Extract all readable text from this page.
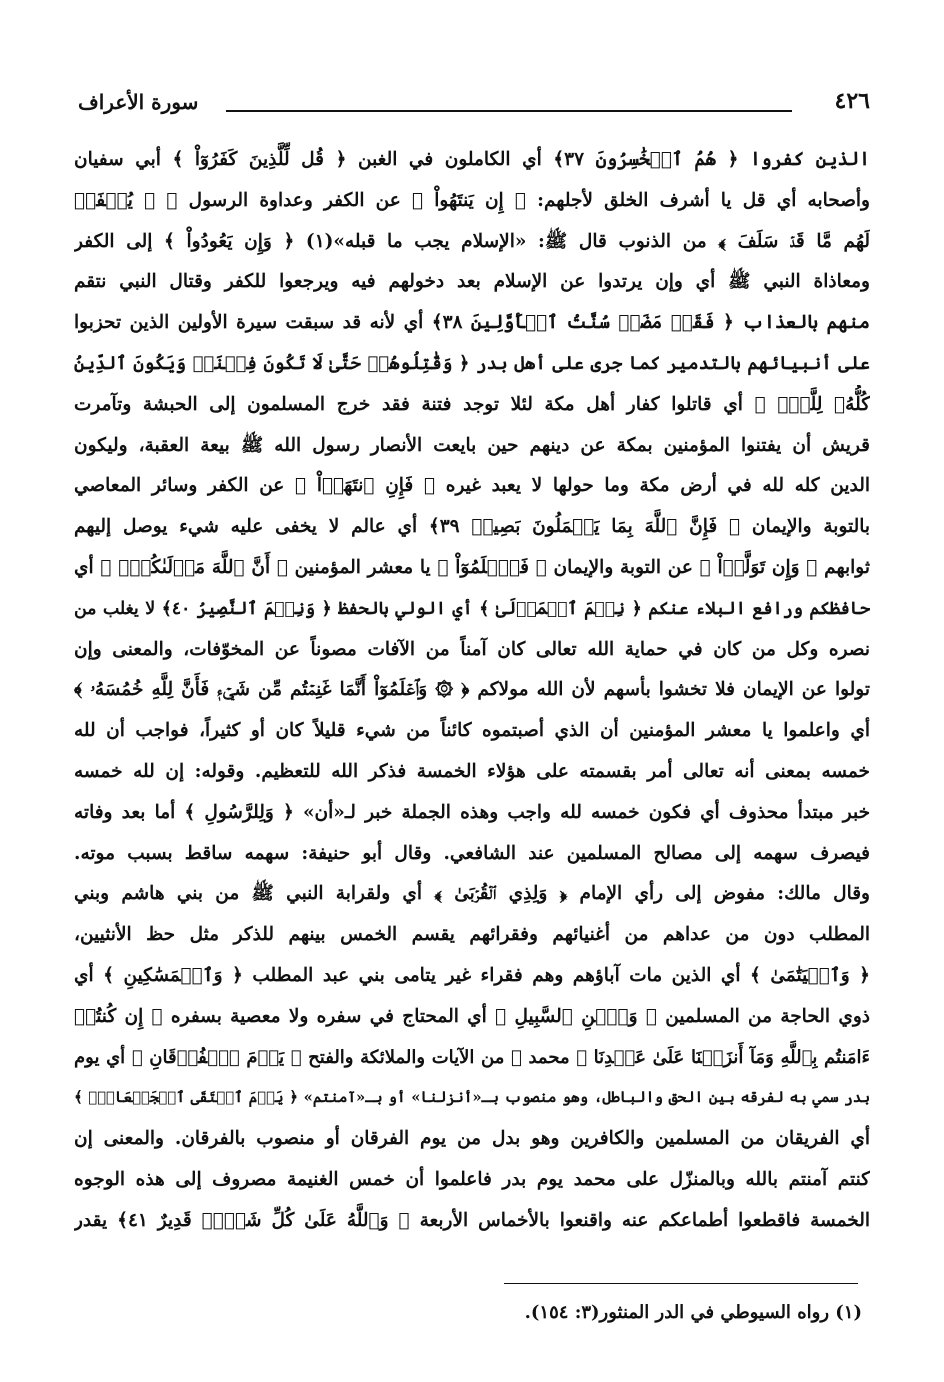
٤٢٦
سورة الأعراف
الذين كفروا ﴿ هُمُ ٱلۡخَٰسِرُونَ ٣٧﴾ أي الكاملون في الغبن ﴿ قُل لِّلَّذِينَ كَفَرُوٓاْ ﴾ أبي سفيان
وأصحابه أي قل يا أشرف الخلق لأجلهم: ﴿ إِن يَنتَهُواْ ﴾ عن الكفر وعداوة الرسول ﷺ ﴿ يُغۡفَرۡ
لَهُم مَّا قَدۡ سَلَفَ ﴾ من الذنوب قال ﷺ: «الإسلام يجب ما قبله»(١) ﴿ وَإِن يَعُودُواْ ﴾ إلى الكفر
ومعاذاة النبي ﷺ أي وإن يرتدوا عن الإسلام بعد دخولهم فيه ويرجعوا للكفر وقتال النبي نتقم
منهم بالعذاب ﴿ فَقَدۡ مَضَتۡ سُنَّتُ ٱلۡأَوَّلِينَ ٣٨﴾ أي لأنه قد سبقت سيرة الأولين الذين تحزبوا
على أنبيائهم بالتدمير كما جرى على أهل بدر ﴿ وَقَٰتِلُوهُمۡ حَتَّىٰ لَا تَكُونَ فِتۡنَةٞ وَيَكُونَ ٱلدِّينُ
كُلُّهُۥ لِلَّهِۚ ﴾ أي قاتلوا كفار أهل مكة لئلا توجد فتنة فقد خرج المسلمون إلى الحبشة وتآمرت
قريش أن يفتنوا المؤمنين بمكة عن دينهم حين بايعت الأنصار رسول الله ﷺ بيعة العقبة، وليكون
الدين كله لله في أرض مكة وما حولها لا يعبد غيره ﴿ فَإِنِ ٱنتَهَوۡاْ ﴾ عن الكفر وسائر المعاصي
بالتوبة والإيمان ﴿ فَإِنَّ ٱللَّهَ بِمَا يَعۡمَلُونَ بَصِيرٞ ٣٩﴾ أي عالم لا يخفى عليه شيء يوصل إليهم
ثوابهم ﴿ وَإِن تَوَلَّوۡاْ ﴾ عن التوبة والإيمان ﴿ فَٱعۡلَمُوٓاْ ﴾ يا معشر المؤمنين ﴿ أَنَّ ٱللَّهَ مَوۡلَىٰكُمۡۚ ﴾ أي
حافظكم ورافع البلاء عنكم ﴿ نِعۡمَ ٱلۡمَوۡلَىٰ ﴾ أي الولي بالحفظ ﴿ وَنِعۡمَ ٱلنَّصِيرُ ٤٠﴾ لا يغلب من
نصره وكل من كان في حماية الله تعالى كان آمناً من الآفات مصوناً عن المخوّفات، والمعنى وإن
تولوا عن الإيمان فلا تخشوا بأسهم لأن الله مولاكم ﴿ ۞ وَٱعۡلَمُوٓاْ أَنَّمَا غَنِمۡتُم مِّن شَيۡءٖ فَأَنَّ لِلَّهِ خُمُسَهُۥ ﴾
أي واعلموا يا معشر المؤمنين أن الذي أصبتموه كائناً من شيء قليلاً كان أو كثيراً، فواجب أن لله
خمسه بمعنى أنه تعالى أمر بقسمته على هؤلاء الخمسة فذكر الله للتعظيم. وقوله: إن لله خمسه
خبر مبتدأ محذوف أي فكون خمسه لله واجب وهذه الجملة خبر لـ«أن» ﴿ وَلِلرَّسُولِ ﴾ أما بعد وفاته
فيصرف سهمه إلى مصالح المسلمين عند الشافعي. وقال أبو حنيفة: سهمه ساقط بسبب موته.
وقال مالك: مفوض إلى رأي الإمام ﴿ وَلِذِي ٱلۡقُرۡبَىٰ ﴾ أي ولقرابة النبي ﷺ من بني هاشم وبني
المطلب دون من عداهم من أغنيائهم وفقرائهم يقسم الخمس بينهم للذكر مثل حظ الأنثيين،
﴿ وَٱلۡيَتَٰمَىٰ ﴾ أي الذين مات آباؤهم وهم فقراء غير يتامى بني عبد المطلب ﴿ وَٱلۡمَسَٰكِينِ ﴾ أي
ذوي الحاجة من المسلمين ﴿ وَٱبۡنِ ٱلسَّبِيلِ ﴾ أي المحتاج في سفره ولا معصية بسفره ﴿ إِن كُنتُمۡ
ءَامَنتُم بِٱللَّهِ وَمَآ أَنزَلۡنَا عَلَىٰ عَبۡدِنَا ﴾ محمد ﷺ من الآيات والملائكة والفتح ﴿ يَوۡمَ ٱلۡفُرۡقَانِ ﴾ أي يوم
بدر سمي به لفرقه بين الحق والباطل، وهو منصوب بـ«أنزلنا» أو بـ«آمنتم» ﴿ يَوۡمَ ٱلۡتَقَى ٱلۡجَمۡعَانِۗ ﴾
أي الفريقان من المسلمين والكافرين وهو بدل من يوم الفرقان أو منصوب بالفرقان. والمعنى إن
كنتم آمنتم بالله وبالمنزّل على محمد يوم بدر فاعلموا أن خمس الغنيمة مصروف إلى هذه الوجوه
الخمسة فاقطعوا أطماعكم عنه واقنعوا بالأخماس الأربعة ﴿ وَٱللَّهُ عَلَىٰ كُلِّ شَيۡءٖ قَدِيرٌ ٤١﴾ يقدر
(١) رواه السيوطي في الدر المنثور(٣: ١٥٤).
